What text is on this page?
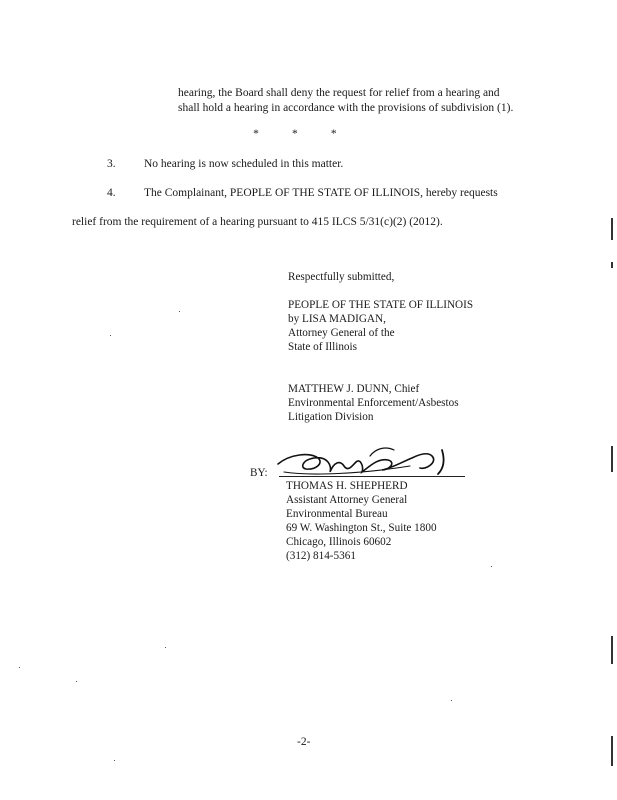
hearing, the Board shall deny the request for relief from a hearing and
shall hold a hearing in accordance with the provisions of subdivision (1).
*	*	*
3. No hearing is now scheduled in this matter.
4. The Complainant, PEOPLE OF THE STATE OF ILLINOIS, hereby requests
relief from the requirement of a hearing pursuant to 415 ILCS 5/31(c)(2) (2012).
Respectfully submitted,
PEOPLE OF THE STATE OF ILLINOIS
by LISA MADIGAN,
Attorney General of the
State of Illinois
MATTHEW J. DUNN, Chief
Environmental Enforcement/Asbestos
Litigation Division
BY:
THOMAS H. SHEPHERD
Assistant Attorney General
Environmental Bureau
69 W. Washington St., Suite 1800
Chicago, Illinois 60602
(312) 814-5361
-2-
